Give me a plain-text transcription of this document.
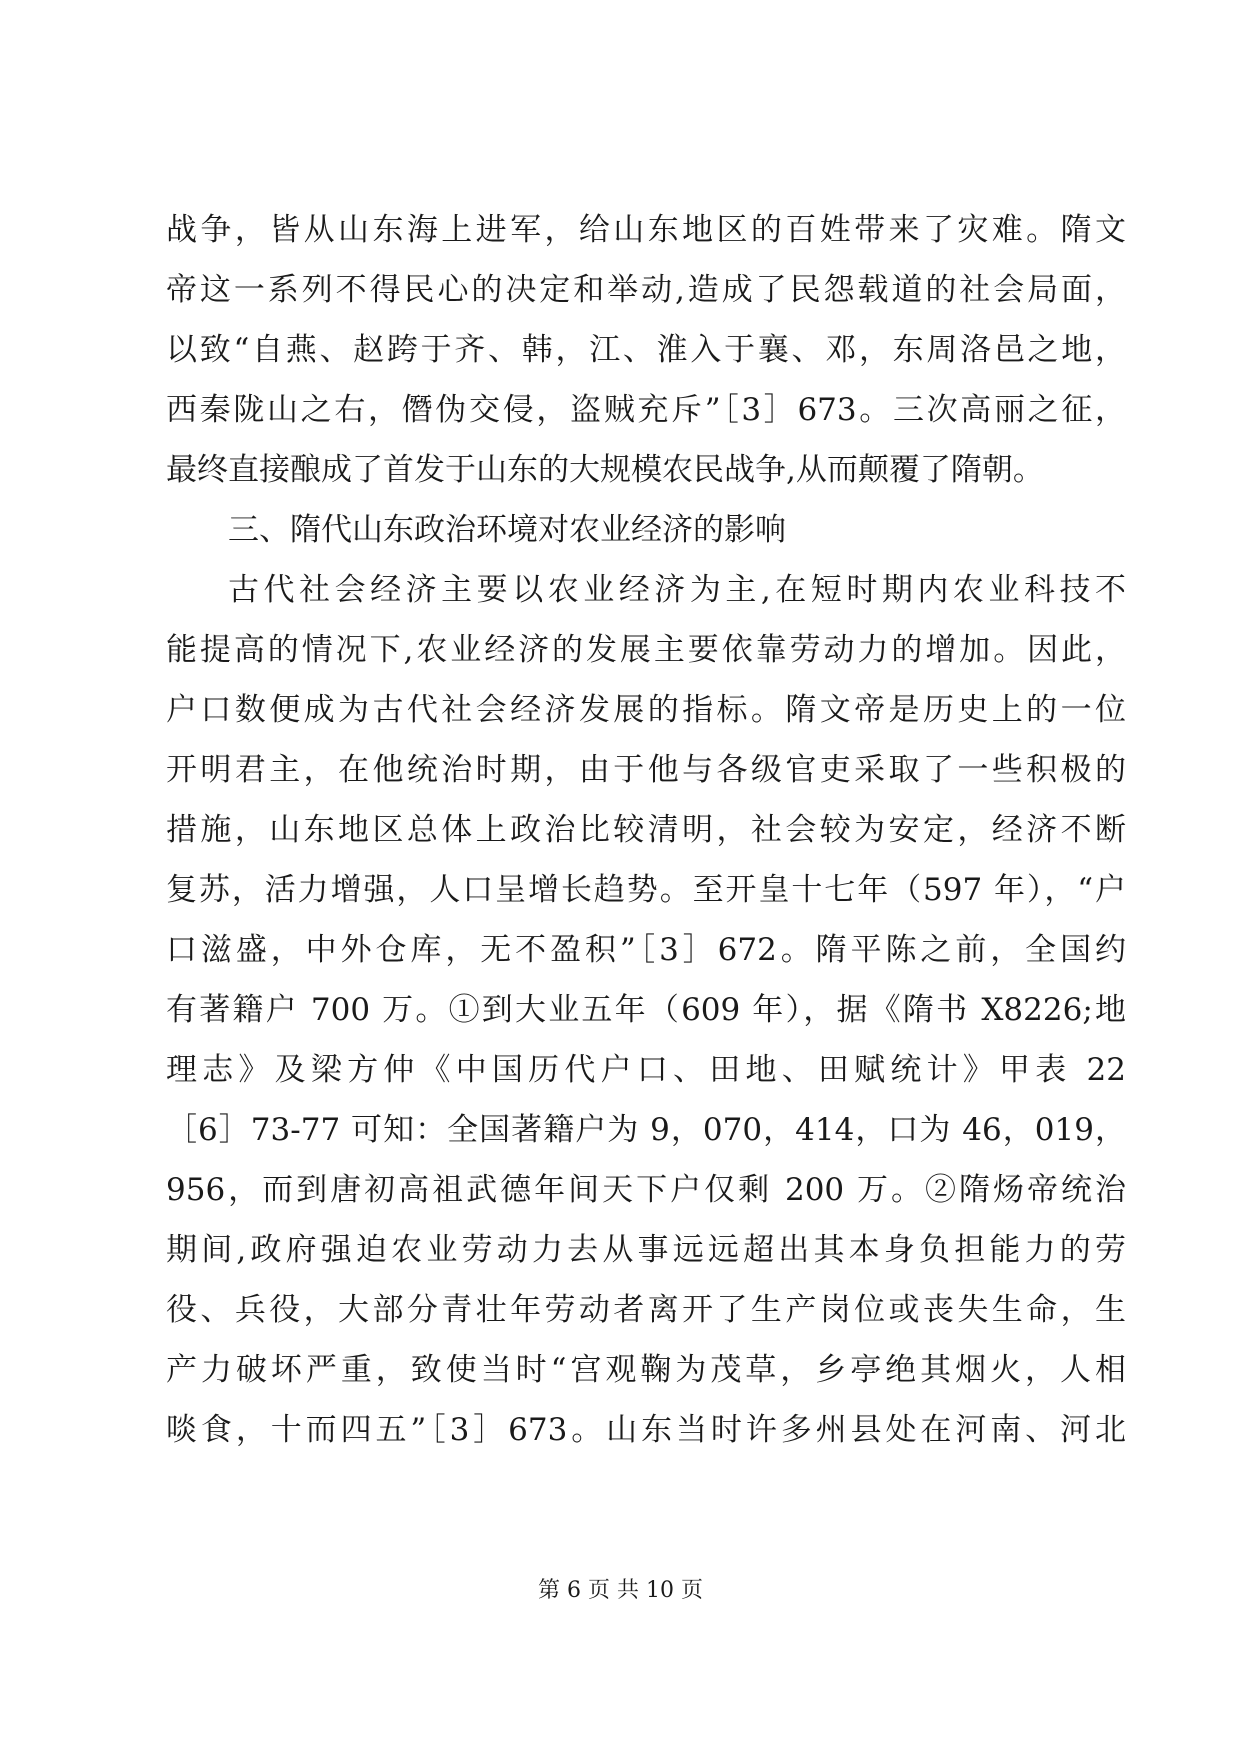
战争，皆从山东海上进军，给山东地区的百姓带来了灾难。隋文
帝这一系列不得民心的决定和举动,造成了民怨载道的社会局面，
以致“自燕、赵跨于齐、韩，江、淮入于襄、邓，东周洛邑之地，
西秦陇山之右，僭伪交侵，盗贼充斥”［3］673。三次高丽之征，
最终直接酿成了首发于山东的大规模农民战争,从而颠覆了隋朝。
三、隋代山东政治环境对农业经济的影响
古代社会经济主要以农业经济为主,在短时期内农业科技不
能提高的情况下,农业经济的发展主要依靠劳动力的增加。因此，
户口数便成为古代社会经济发展的指标。隋文帝是历史上的一位
开明君主，在他统治时期，由于他与各级官吏采取了一些积极的
措施，山东地区总体上政治比较清明，社会较为安定，经济不断
复苏，活力增强，人口呈增长趋势。至开皇十七年（597 年），“户
口滋盛，中外仓库，无不盈积”［3］672。隋平陈之前，全国约
有著籍户 700 万。①到大业五年（609 年），据《隋书 X8226;地
理志》及梁方仲《中国历代户口、田地、田赋统计》甲表 22
［6］73-77 可知：全国著籍户为 9，070，414，口为 46，019，
956，而到唐初高祖武德年间天下户仅剩 200 万。②隋炀帝统治
期间,政府强迫农业劳动力去从事远远超出其本身负担能力的劳
役、兵役，大部分青壮年劳动者离开了生产岗位或丧失生命，生
产力破坏严重，致使当时“宫观鞠为茂草，乡亭绝其烟火，人相
啖食，十而四五”［3］673。山东当时许多州县处在河南、河北
第 6 页 共 10 页
